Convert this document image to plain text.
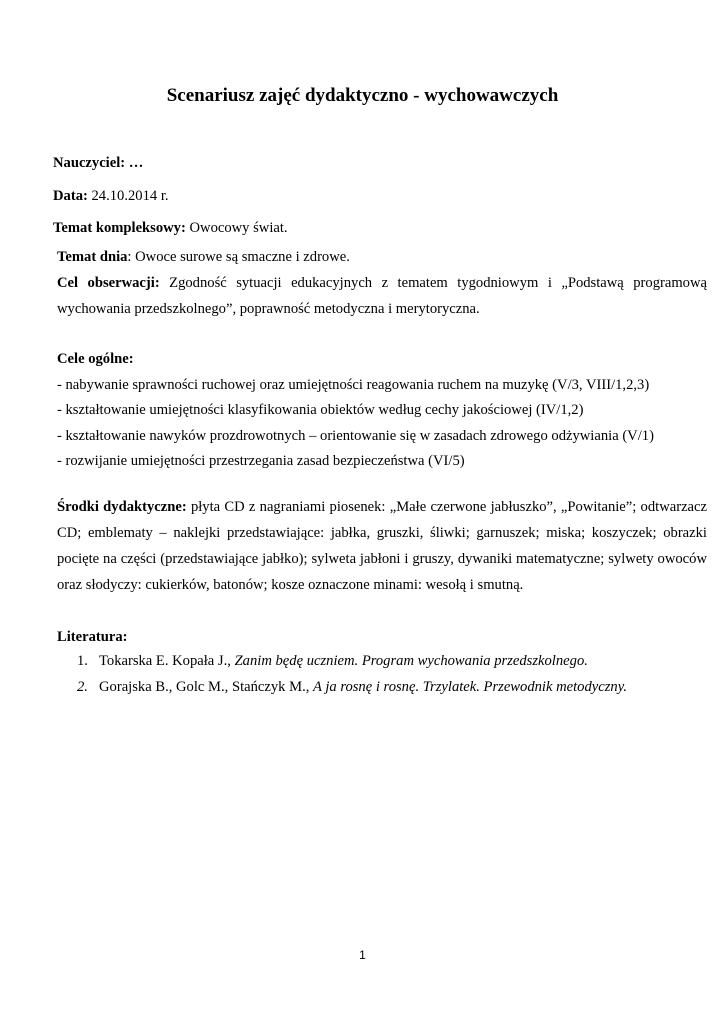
Scenariusz zajęć dydaktyczno - wychowawczych

Nauczyciel: …

Data: 24.10.2014 r.

Temat kompleksowy: Owocowy świat.

Temat dnia: Owoce surowe są smaczne i zdrowe.

Cel obserwacji: Zgodność sytuacji edukacyjnych z tematem tygodniowym i „Podstawą programową wychowania przedszkolnego”, poprawność metodyczna i merytoryczna.

Cele ogólne:

- nabywanie sprawności ruchowej oraz umiejętności reagowania ruchem na muzykę (V/3, VIII/1,2,3)

- kształtowanie umiejętności klasyfikowania obiektów według cechy jakościowej (IV/1,2)

- kształtowanie nawyków prozdrowotnych – orientowanie się w zasadach zdrowego odżywiania (V/1)

- rozwijanie umiejętności przestrzegania zasad bezpieczeństwa (VI/5)

Środki dydaktyczne: płyta CD z nagraniami piosenek: „Małe czerwone jabłuszko”, „Powitanie”; odtwarzacz CD; emblematy – naklejki przedstawiające: jabłka, gruszki, śliwki; garnuszek; miska; koszyczek; obrazki pocięte na części (przedstawiające jabłko); sylweta jabłoni i gruszy, dywaniki matematyczne; sylwety owoców oraz słodyczy: cukierków, batonów; kosze oznaczone minami: wesołą i smutną.

Literatura:

1. Tokarska E. Kopała J., Zanim będę uczniem. Program wychowania przedszkolnego.
2. Gorajska B., Golc M., Stańczyk M., A ja rosnę i rosnę. Trzylatek. Przewodnik metodyczny.
1
